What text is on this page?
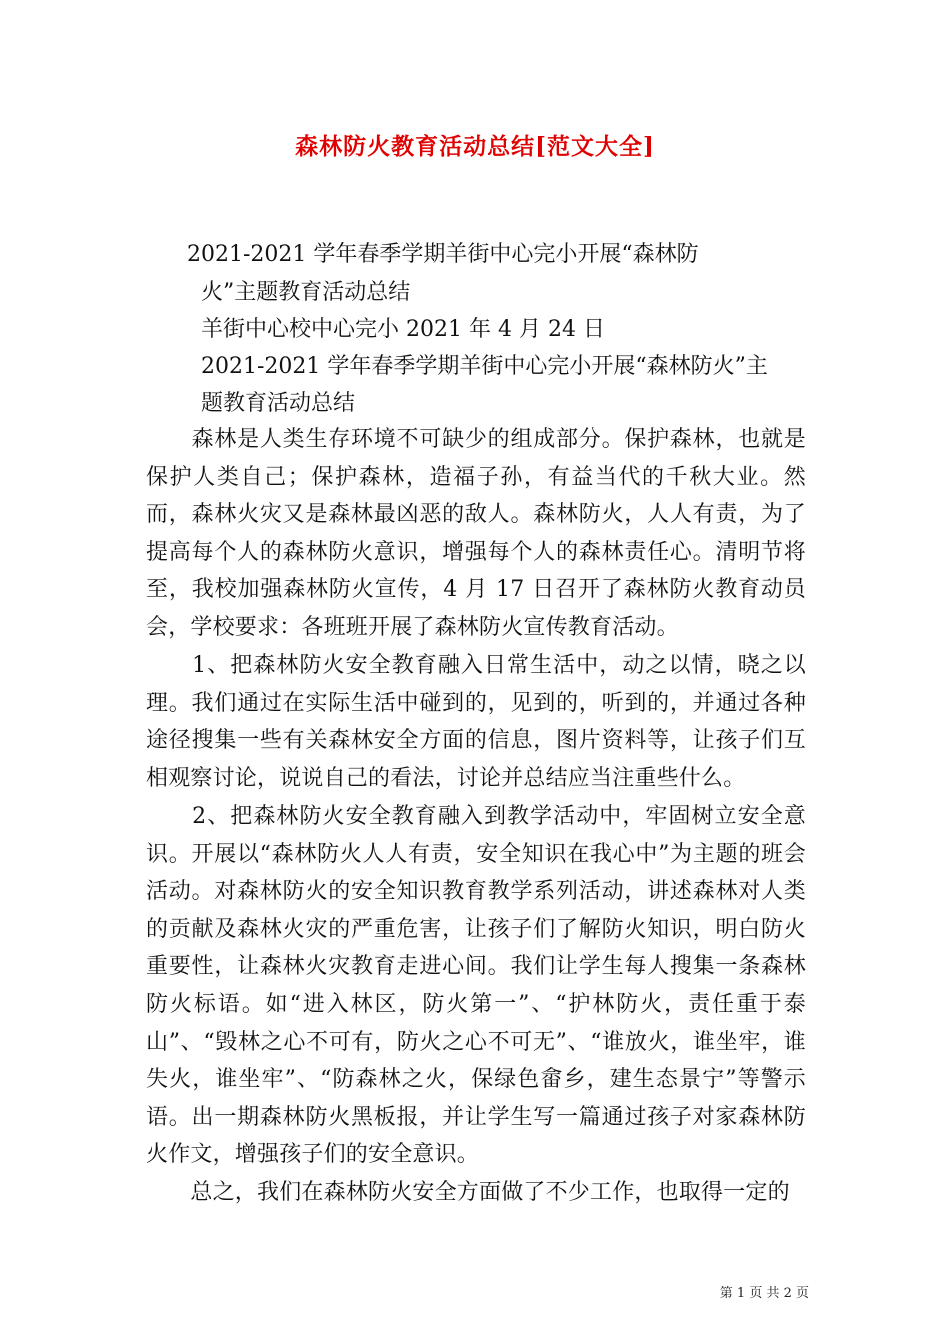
森林防火教育活动总结[范文大全]
2021-2021 学年春季学期羊街中心完小开展“森林防
火”主题教育活动总结
羊街中心校中心完小 2021 年 4 月 24 日
2021-2021 学年春季学期羊街中心完小开展“森林防火”主
题教育活动总结

　　森林是人类生存环境不可缺少的组成部分。保护森林，也就是保护人类自己；保护森林，造福子孙，有益当代的千秋大业。然而，森林火灾又是森林最凶恶的敌人。森林防火，人人有责，为了提高每个人的森林防火意识，增强每个人的森林责任心。清明节将至，我校加强森林防火宣传，4 月 17 日召开了森林防火教育动员会，学校要求：各班班开展了森林防火宣传教育活动。

　　1、把森林防火安全教育融入日常生活中，动之以情，晓之以理。我们通过在实际生活中碰到的，见到的，听到的，并通过各种途径搜集一些有关森林安全方面的信息，图片资料等，让孩子们互相观察讨论，说说自己的看法，讨论并总结应当注重些什么。

　　2、把森林防火安全教育融入到教学活动中，牢固树立安全意识。开展以“森林防火人人有责，安全知识在我心中”为主题的班会活动。对森林防火的安全知识教育教学系列活动，讲述森林对人类的贡献及森林火灾的严重危害，让孩子们了解防火知识，明白防火重要性，让森林火灾教育走进心间。我们让学生每人搜集一条森林防火标语。如“进入林区，防火第一”、“护林防火，责任重于泰山”、“毁林之心不可有，防火之心不可无”、“谁放火，谁坐牢，谁失火，谁坐牢”、“防森林之火，保绿色畲乡，建生态景宁”等警示语。出一期森林防火黑板报，并让学生写一篇通过孩子对家森林防火作文，增强孩子们的安全意识。

　　总之，我们在森林防火安全方面做了不少工作，也取得一定的

第 1 页 共 2 页
